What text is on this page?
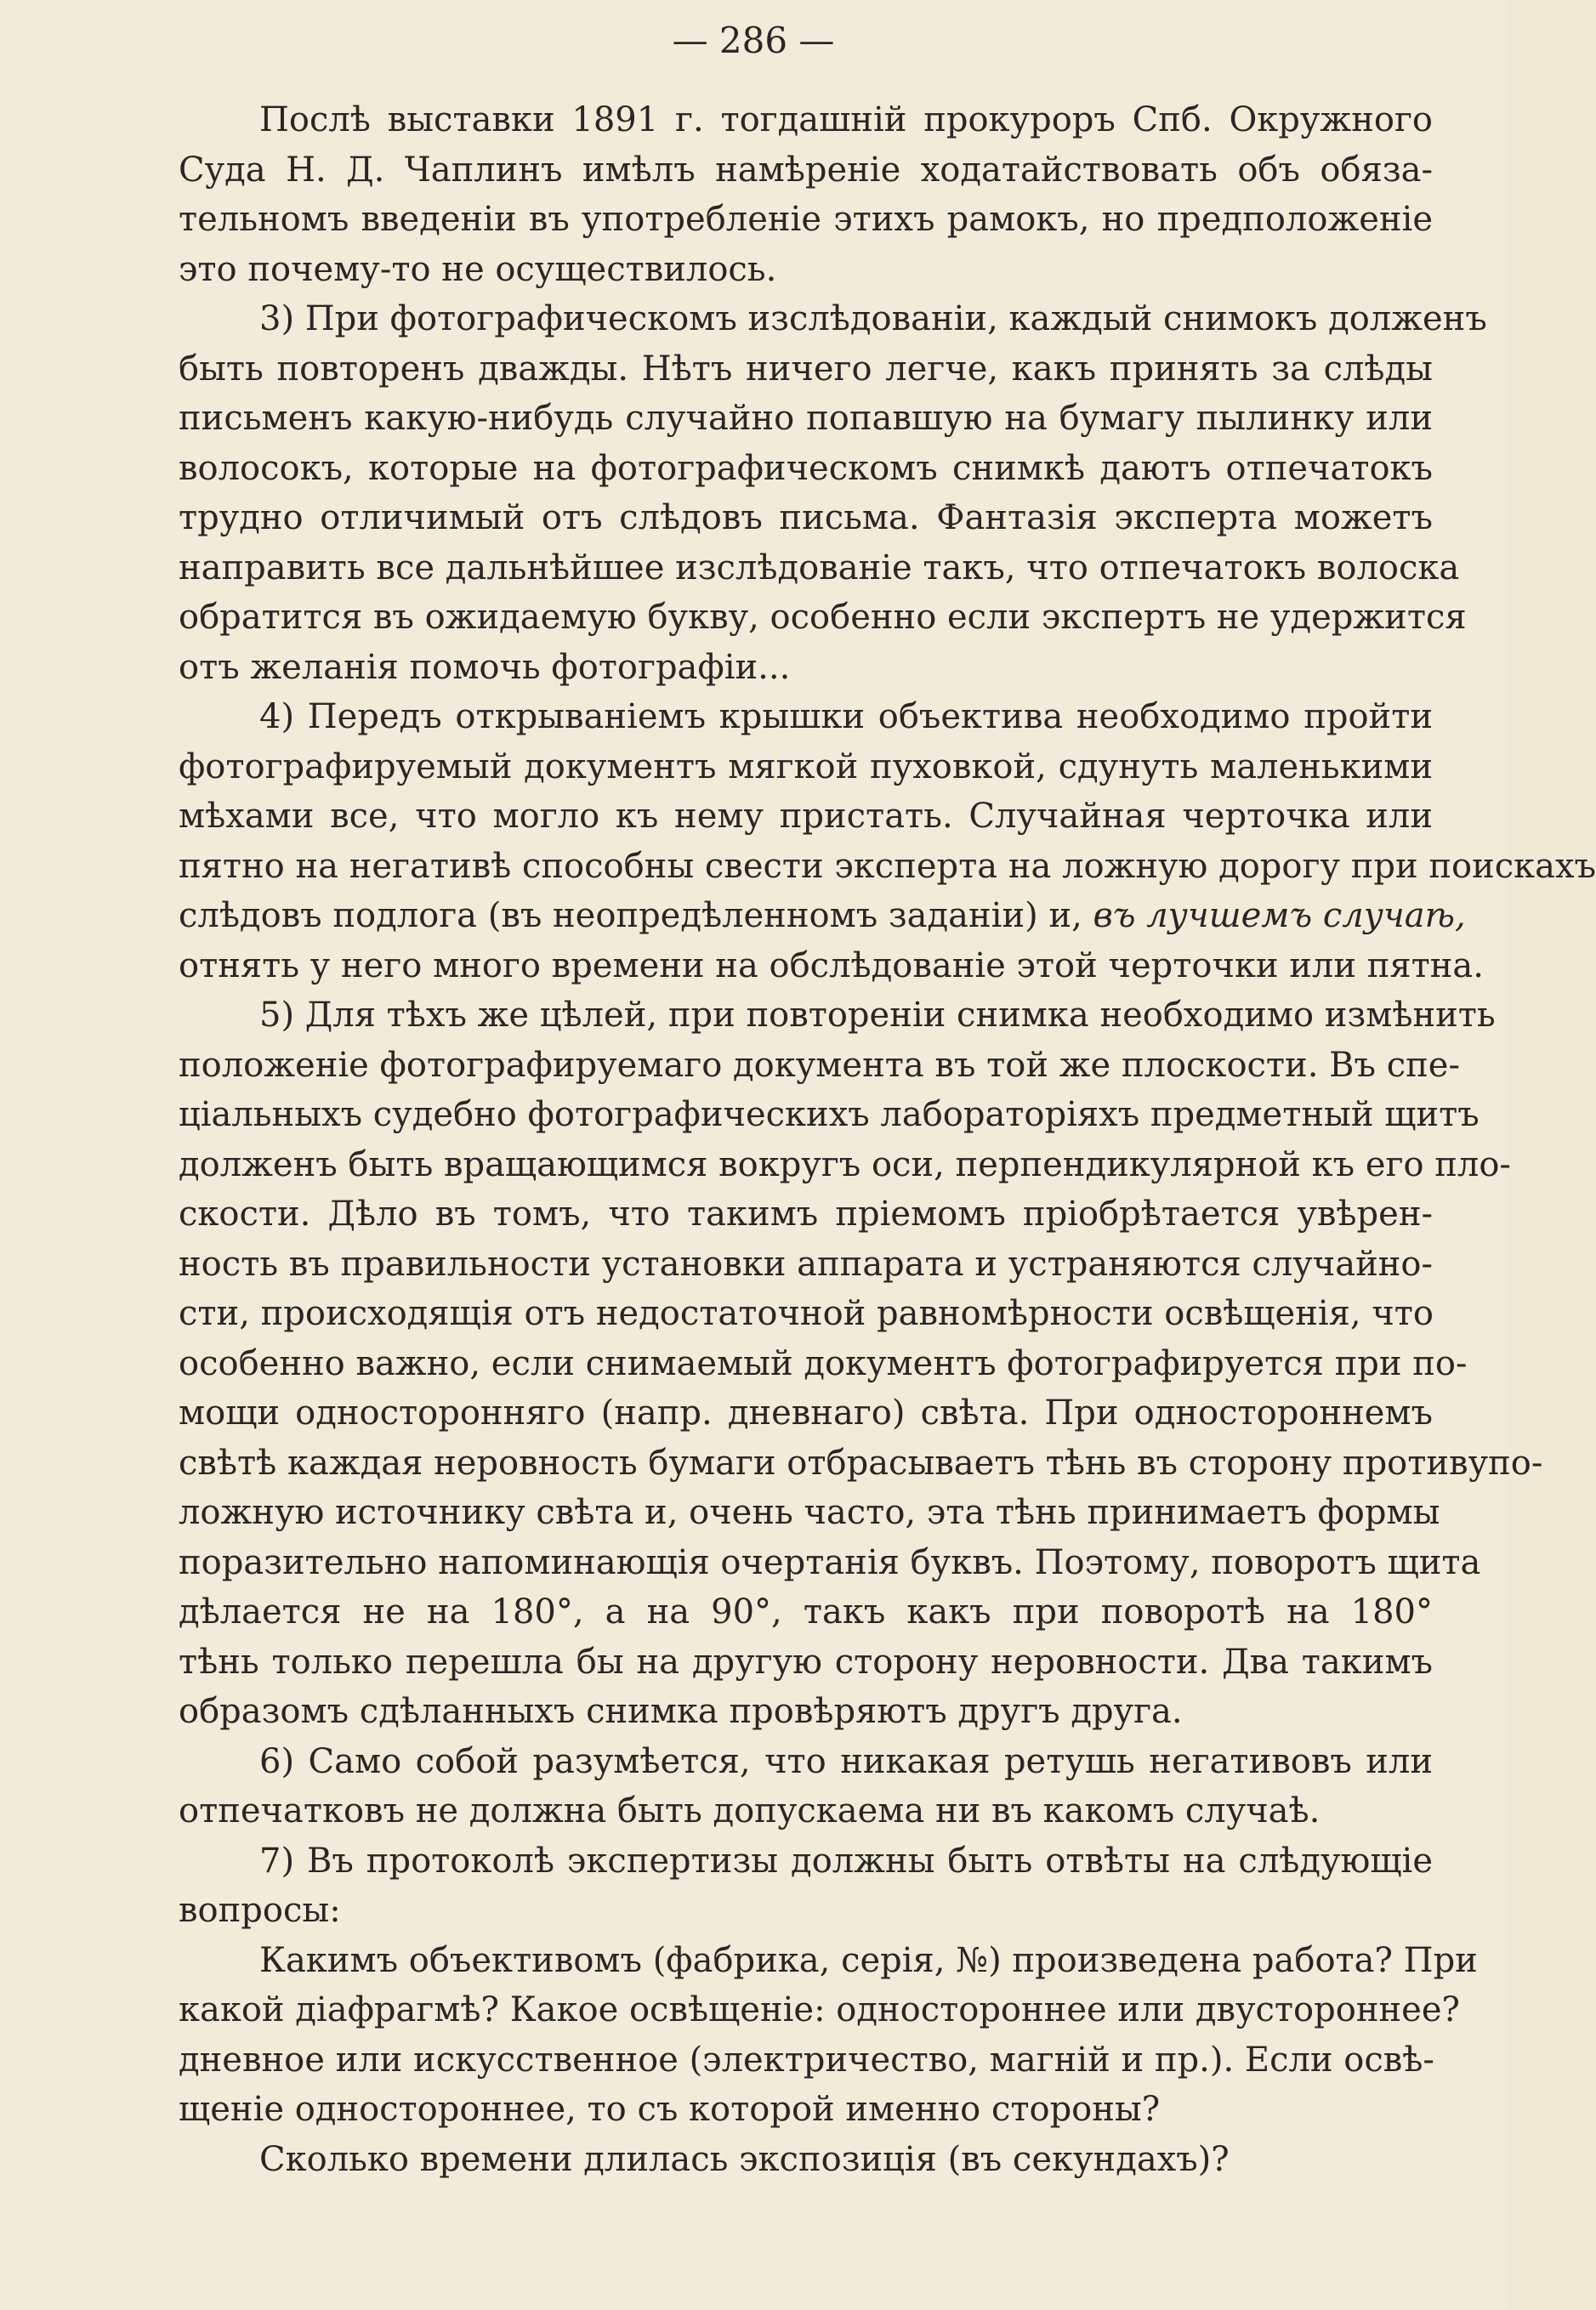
— 286 —
Послѣ выставки 1891 г. тогдашній прокуроръ Спб. Окружного
Суда Н. Д. Чаплинъ имѣлъ намѣреніе ходатайствовать объ обяза-
тельномъ введеніи въ употребленіе этихъ рамокъ, но предположеніе
это почему-то не осуществилось.
3) При фотографическомъ изслѣдованіи, каждый снимокъ долженъ
быть повторенъ дважды. Нѣтъ ничего легче, какъ принять за слѣды
письменъ какую-нибудь случайно попавшую на бумагу пылинку или
волосокъ, которые на фотографическомъ снимкѣ даютъ отпечатокъ
трудно отличимый отъ слѣдовъ письма. Фантазія эксперта можетъ
направить все дальнѣйшее изслѣдованіе такъ, что отпечатокъ волоска
обратится въ ожидаемую букву, особенно если экспертъ не удержится
отъ желанія помочь фотографіи...
4) Передъ открываніемъ крышки объектива необходимо пройти
фотографируемый документъ мягкой пуховкой, сдунуть маленькими
мѣхами все, что могло къ нему пристать. Случайная черточка или
пятно на негативѣ способны свести эксперта на ложную дорогу при поискахъ
слѣдовъ подлога (въ неопредѣленномъ заданіи) и, въ лучшемъ случаѣ,
отнять у него много времени на обслѣдованіе этой черточки или пятна.
5) Для тѣхъ же цѣлей, при повтореніи снимка необходимо измѣнить
положеніе фотографируемаго документа въ той же плоскости. Въ спе-
ціальныхъ судебно фотографическихъ лабораторіяхъ предметный щитъ
долженъ быть вращающимся вокругъ оси, перпендикулярной къ его пло-
скости. Дѣло въ томъ, что такимъ пріемомъ пріобрѣтается увѣрен-
ность въ правильности установки аппарата и устраняются случайно-
сти, происходящія отъ недостаточной равномѣрности освѣщенія, что
особенно важно, если снимаемый документъ фотографируется при по-
мощи одностороннягo (напр. дневнаго) свѣта. При одностороннемъ
свѣтѣ каждая неровность бумаги отбрасываетъ тѣнь въ сторону противупо-
ложную источнику свѣта и, очень часто, эта тѣнь принимаетъ формы
поразительно напоминающія очертанія буквъ. Поэтому, поворотъ щита
дѣлается не на 180°, а на 90°, такъ какъ при поворотѣ на 180°
тѣнь только перешла бы на другую сторону неровности. Два такимъ
образомъ сдѣланныхъ снимка провѣряютъ другъ друга.
6) Само собой разумѣется, что никакая ретушь негативовъ или
отпечатковъ не должна быть допускаема ни въ какомъ случаѣ.
7) Въ протоколѣ экспертизы должны быть отвѣты на слѣдующіе
вопросы:
Какимъ объективомъ (фабрика, серія, №) произведена работа? При
какой діафрагмѣ? Какое освѣщеніе: одностороннее или двустороннее?
дневное или искусственное (электричество, магній и пр.). Если освѣ-
щеніе одностороннее, то съ которой именно стороны?
Сколько времени длилась экспозиція (въ секундахъ)?
